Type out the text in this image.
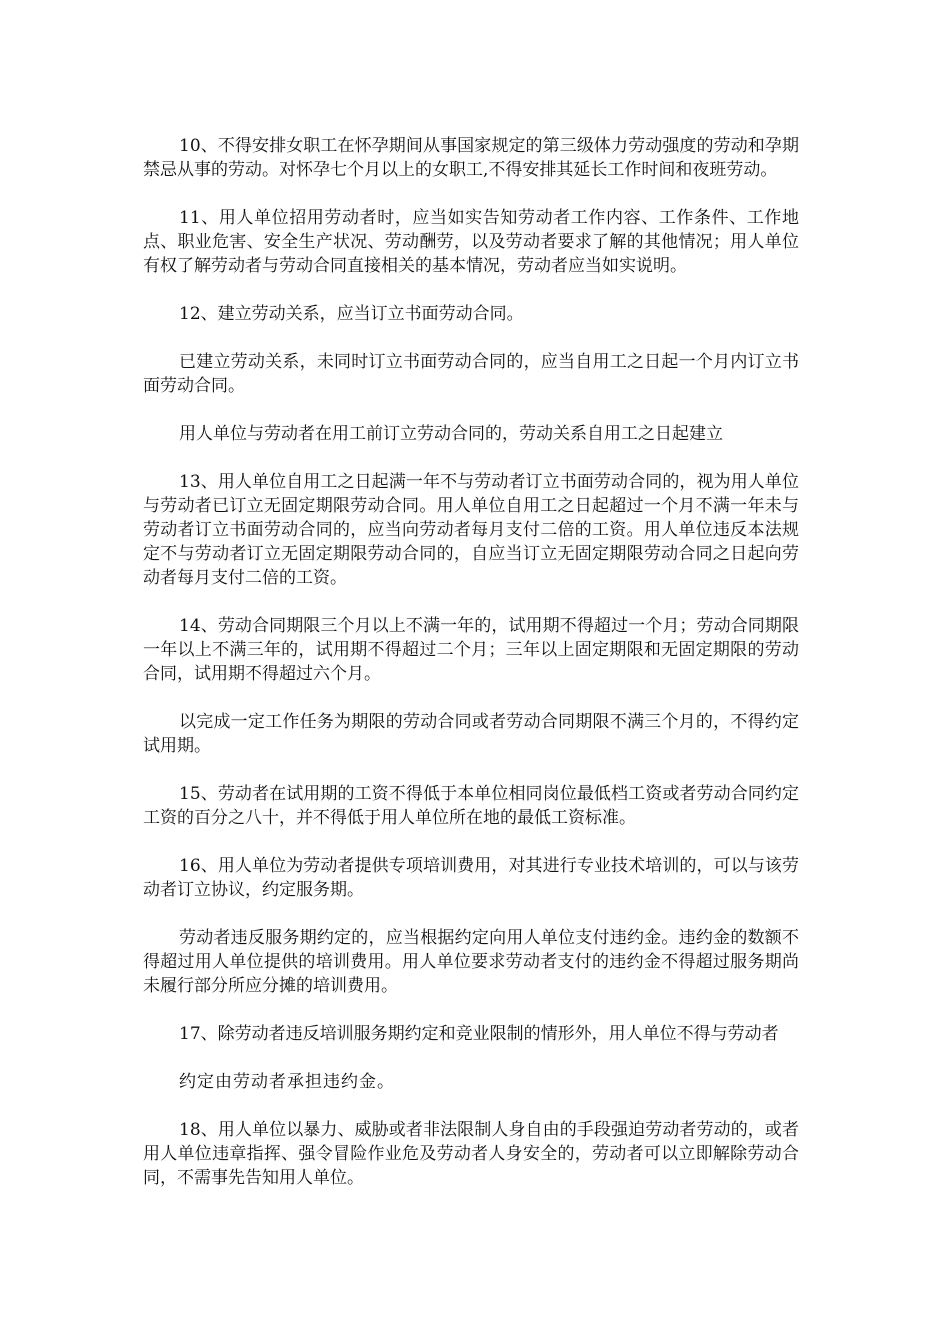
10、不得安排女职工在怀孕期间从事国家规定的第三级体力劳动强度的劳动和孕期禁忌从事的劳动。对怀孕七个月以上的女职工,不得安排其延长工作时间和夜班劳动。

11、用人单位招用劳动者时，应当如实告知劳动者工作内容、工作条件、工作地点、职业危害、安全生产状况、劳动酬劳，以及劳动者要求了解的其他情况；用人单位有权了解劳动者与劳动合同直接相关的基本情况，劳动者应当如实说明。

12、建立劳动关系，应当订立书面劳动合同。

已建立劳动关系，未同时订立书面劳动合同的，应当自用工之日起一个月内订立书面劳动合同。

用人单位与劳动者在用工前订立劳动合同的，劳动关系自用工之日起建立

13、用人单位自用工之日起满一年不与劳动者订立书面劳动合同的，视为用人单位与劳动者已订立无固定期限劳动合同。用人单位自用工之日起超过一个月不满一年未与劳动者订立书面劳动合同的，应当向劳动者每月支付二倍的工资。用人单位违反本法规定不与劳动者订立无固定期限劳动合同的，自应当订立无固定期限劳动合同之日起向劳动者每月支付二倍的工资。

14、劳动合同期限三个月以上不满一年的，试用期不得超过一个月；劳动合同期限一年以上不满三年的，试用期不得超过二个月；三年以上固定期限和无固定期限的劳动合同，试用期不得超过六个月。

以完成一定工作任务为期限的劳动合同或者劳动合同期限不满三个月的，不得约定试用期。

15、劳动者在试用期的工资不得低于本单位相同岗位最低档工资或者劳动合同约定工资的百分之八十，并不得低于用人单位所在地的最低工资标准。

16、用人单位为劳动者提供专项培训费用，对其进行专业技术培训的，可以与该劳动者订立协议，约定服务期。

劳动者违反服务期约定的，应当根据约定向用人单位支付违约金。违约金的数额不得超过用人单位提供的培训费用。用人单位要求劳动者支付的违约金不得超过服务期尚未履行部分所应分摊的培训费用。

17、除劳动者违反培训服务期约定和竞业限制的情形外，用人单位不得与劳动者

约定由劳动者承担违约金。

18、用人单位以暴力、威胁或者非法限制人身自由的手段强迫劳动者劳动的，或者用人单位违章指挥、强令冒险作业危及劳动者人身安全的，劳动者可以立即解除劳动合同，不需事先告知用人单位。
